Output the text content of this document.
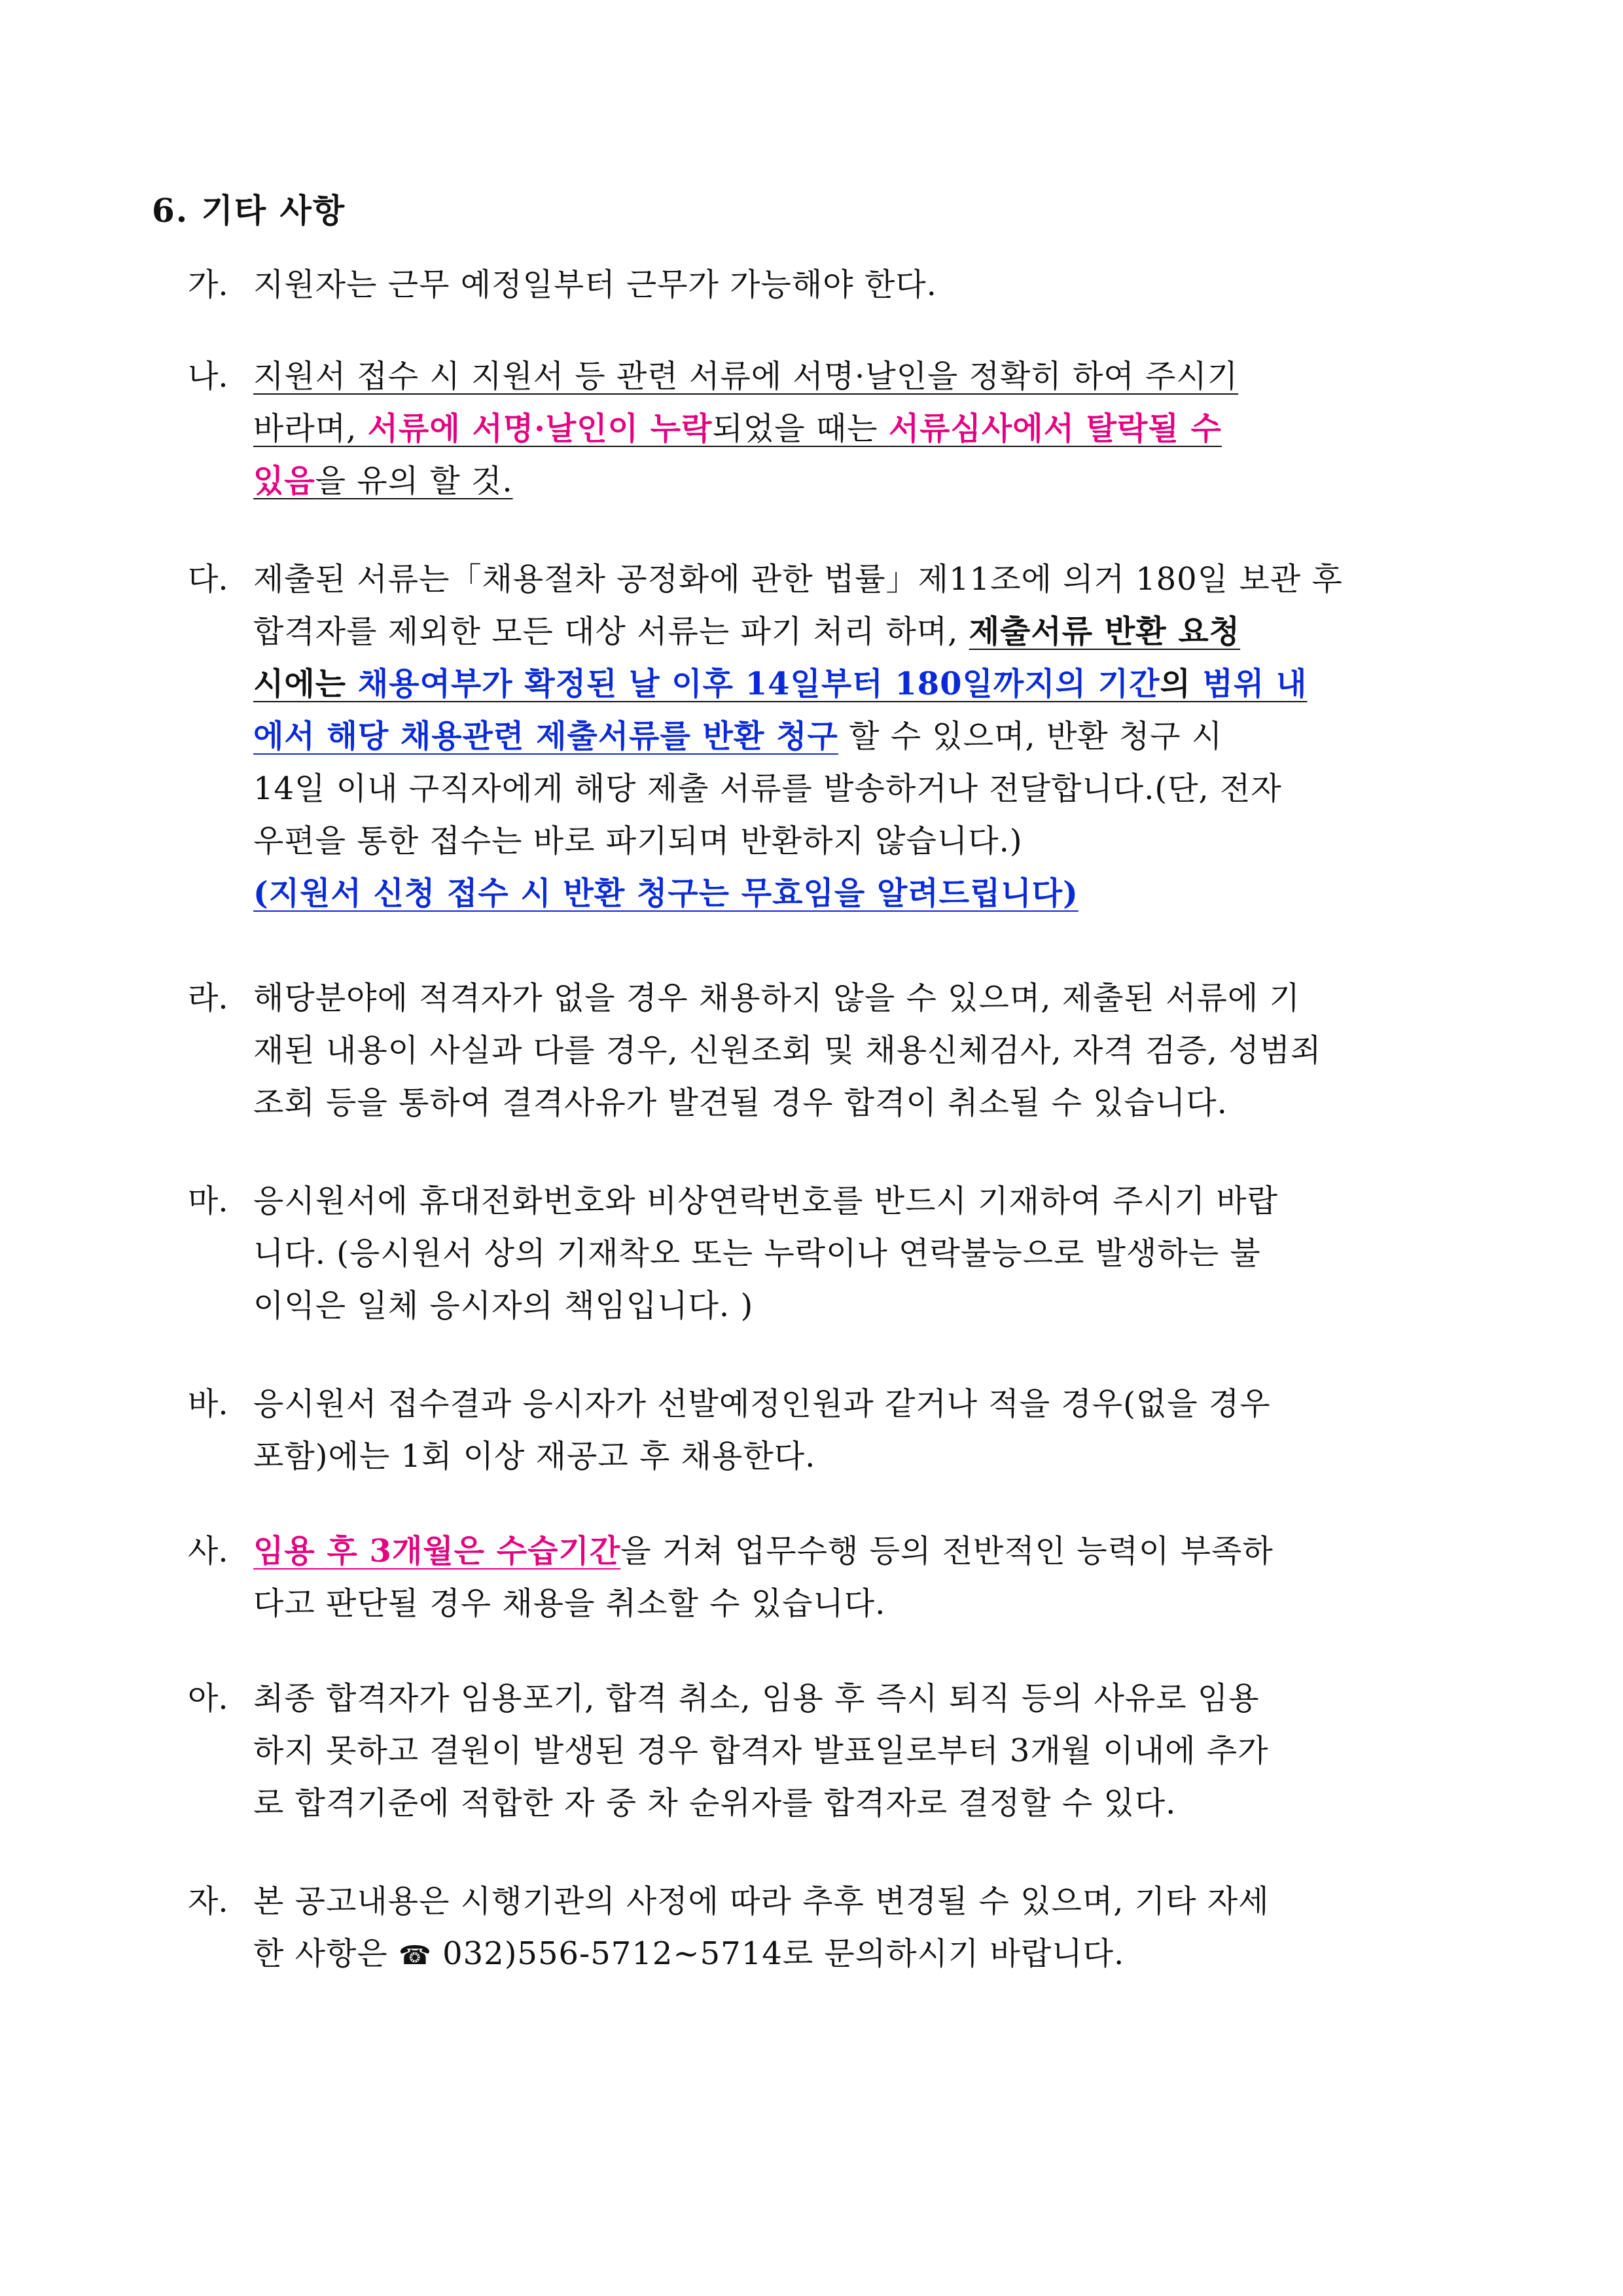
6. 기타 사항
가. 지원자는 근무 예정일부터 근무가 가능해야 한다.
나. 지원서 접수 시 지원서 등 관련 서류에 서명·날인을 정확히 하여 주시기
바라며, 서류에 서명·날인이 누락되었을 때는 서류심사에서 탈락될 수
있음을 유의 할 것.
다. 제출된 서류는「채용절차 공정화에 관한 법률」제11조에 의거 180일 보관 후
합격자를 제외한 모든 대상 서류는 파기 처리 하며, 제출서류 반환 요청
시에는 채용여부가 확정된 날 이후 14일부터 180일까지의 기간의 범위 내
에서 해당 채용관련 제출서류를 반환 청구 할 수 있으며, 반환 청구 시
14일 이내 구직자에게 해당 제출 서류를 발송하거나 전달합니다.(단, 전자
우편을 통한 접수는 바로 파기되며 반환하지 않습니다.)
(지원서 신청 접수 시 반환 청구는 무효임을 알려드립니다)
라. 해당분야에 적격자가 없을 경우 채용하지 않을 수 있으며, 제출된 서류에 기
재된 내용이 사실과 다를 경우, 신원조회 및 채용신체검사, 자격 검증, 성범죄
조회 등을 통하여 결격사유가 발견될 경우 합격이 취소될 수 있습니다.
마. 응시원서에 휴대전화번호와 비상연락번호를 반드시 기재하여 주시기 바랍
니다. (응시원서 상의 기재착오 또는 누락이나 연락불능으로 발생하는 불
이익은 일체 응시자의 책임입니다. )
바. 응시원서 접수결과 응시자가 선발예정인원과 같거나 적을 경우(없을 경우
포함)에는 1회 이상 재공고 후 채용한다.
사. 임용 후 3개월은 수습기간을 거쳐 업무수행 등의 전반적인 능력이 부족하
다고 판단될 경우 채용을 취소할 수 있습니다.
아. 최종 합격자가 임용포기, 합격 취소, 임용 후 즉시 퇴직 등의 사유로 임용
하지 못하고 결원이 발생된 경우 합격자 발표일로부터 3개월 이내에 추가
로 합격기준에 적합한 자 중 차 순위자를 합격자로 결정할 수 있다.
자. 본 공고내용은 시행기관의 사정에 따라 추후 변경될 수 있으며, 기타 자세
한 사항은 ☎ 032)556-5712~5714로 문의하시기 바랍니다.
